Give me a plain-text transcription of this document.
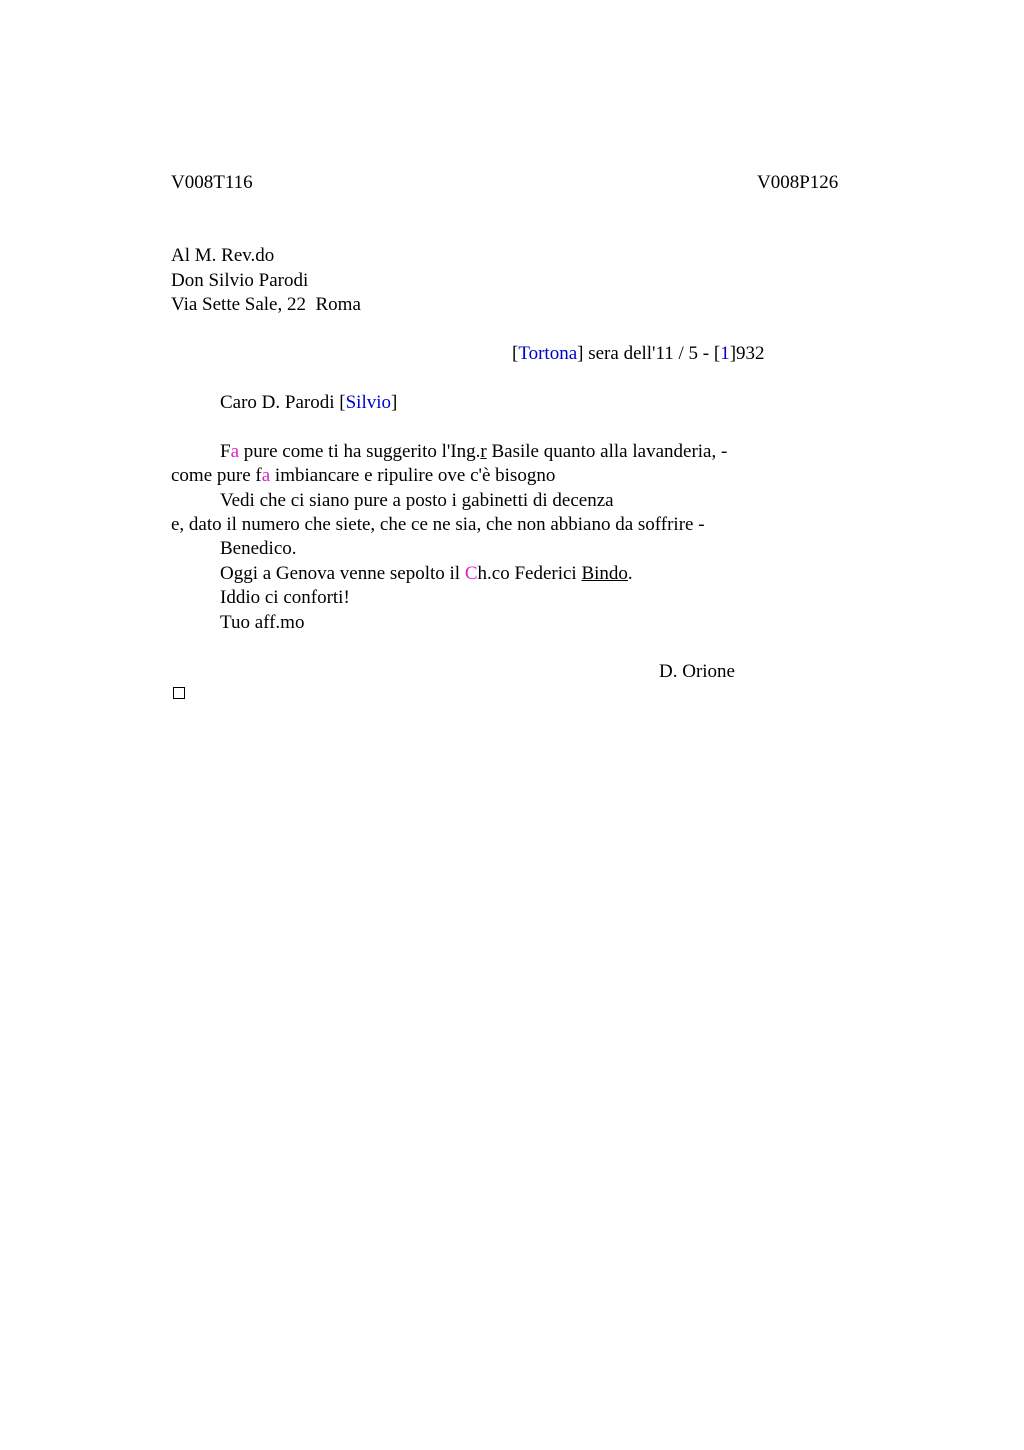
V008T116	V008P126
Al M. Rev.do
Don Silvio Parodi
Via Sette Sale, 22  Roma
[Tortona] sera dell'11 / 5 - [1]932
Caro D. Parodi [Silvio]
Fa pure come ti ha suggerito l'Ing.r Basile quanto alla lavanderia, -
come pure fa imbiancare e ripulire ove c'è bisogno
Vedi che ci siano pure a posto i gabinetti di decenza
e, dato il numero che siete, che ce ne sia, che non abbiano da soffrire -
Benedico.
Oggi a Genova venne sepolto il Ch.co Federici Bindo.
Iddio ci conforti!
Tuo aff.mo
D. Orione
